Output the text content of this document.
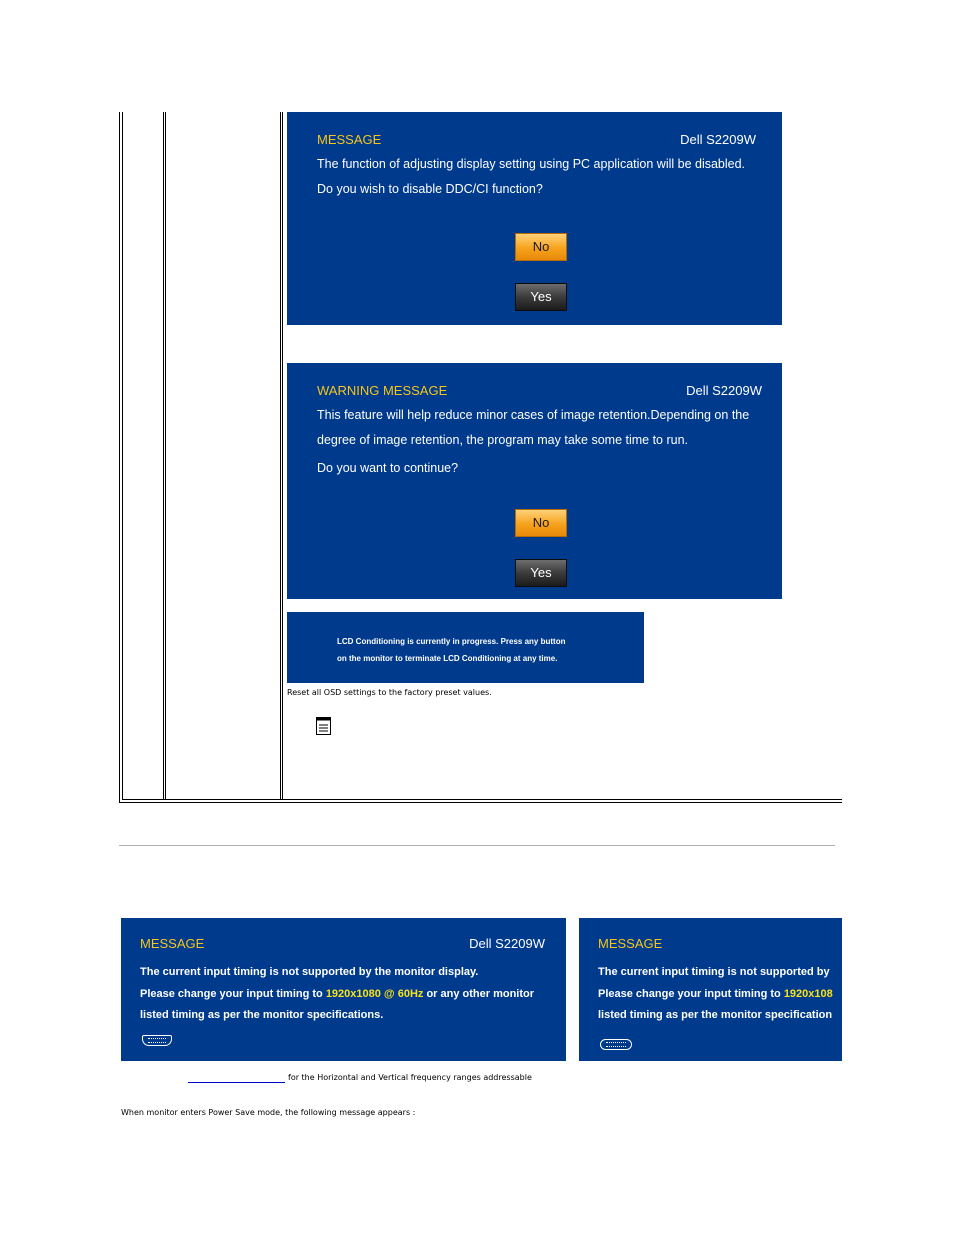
MESSAGE	Dell S2209W
The function of adjusting display setting using PC application will be disabled.
Do you wish to disable DDC/CI function?
No
Yes
WARNING MESSAGE	Dell S2209W
This feature will help reduce minor cases of image retention.Depending on the
degree of image retention, the program may take some time to run.
Do you want to continue?
No
Yes
LCD Conditioning is currently in progress. Press any button
on the monitor to terminate LCD Conditioning at any time.
Reset all OSD settings to the factory preset values.
MESSAGE	Dell S2209W
The current input timing is not supported by the monitor display.
Please change your input timing to 1920x1080 @ 60Hz or any other monitor
listed timing as per the monitor specifications.
MESSAGE
The current input timing is not supported by
Please change your input timing to 1920x108
listed timing as per the monitor specification
for the Horizontal and Vertical frequency ranges addressable
When monitor enters Power Save mode, the following message appears :
